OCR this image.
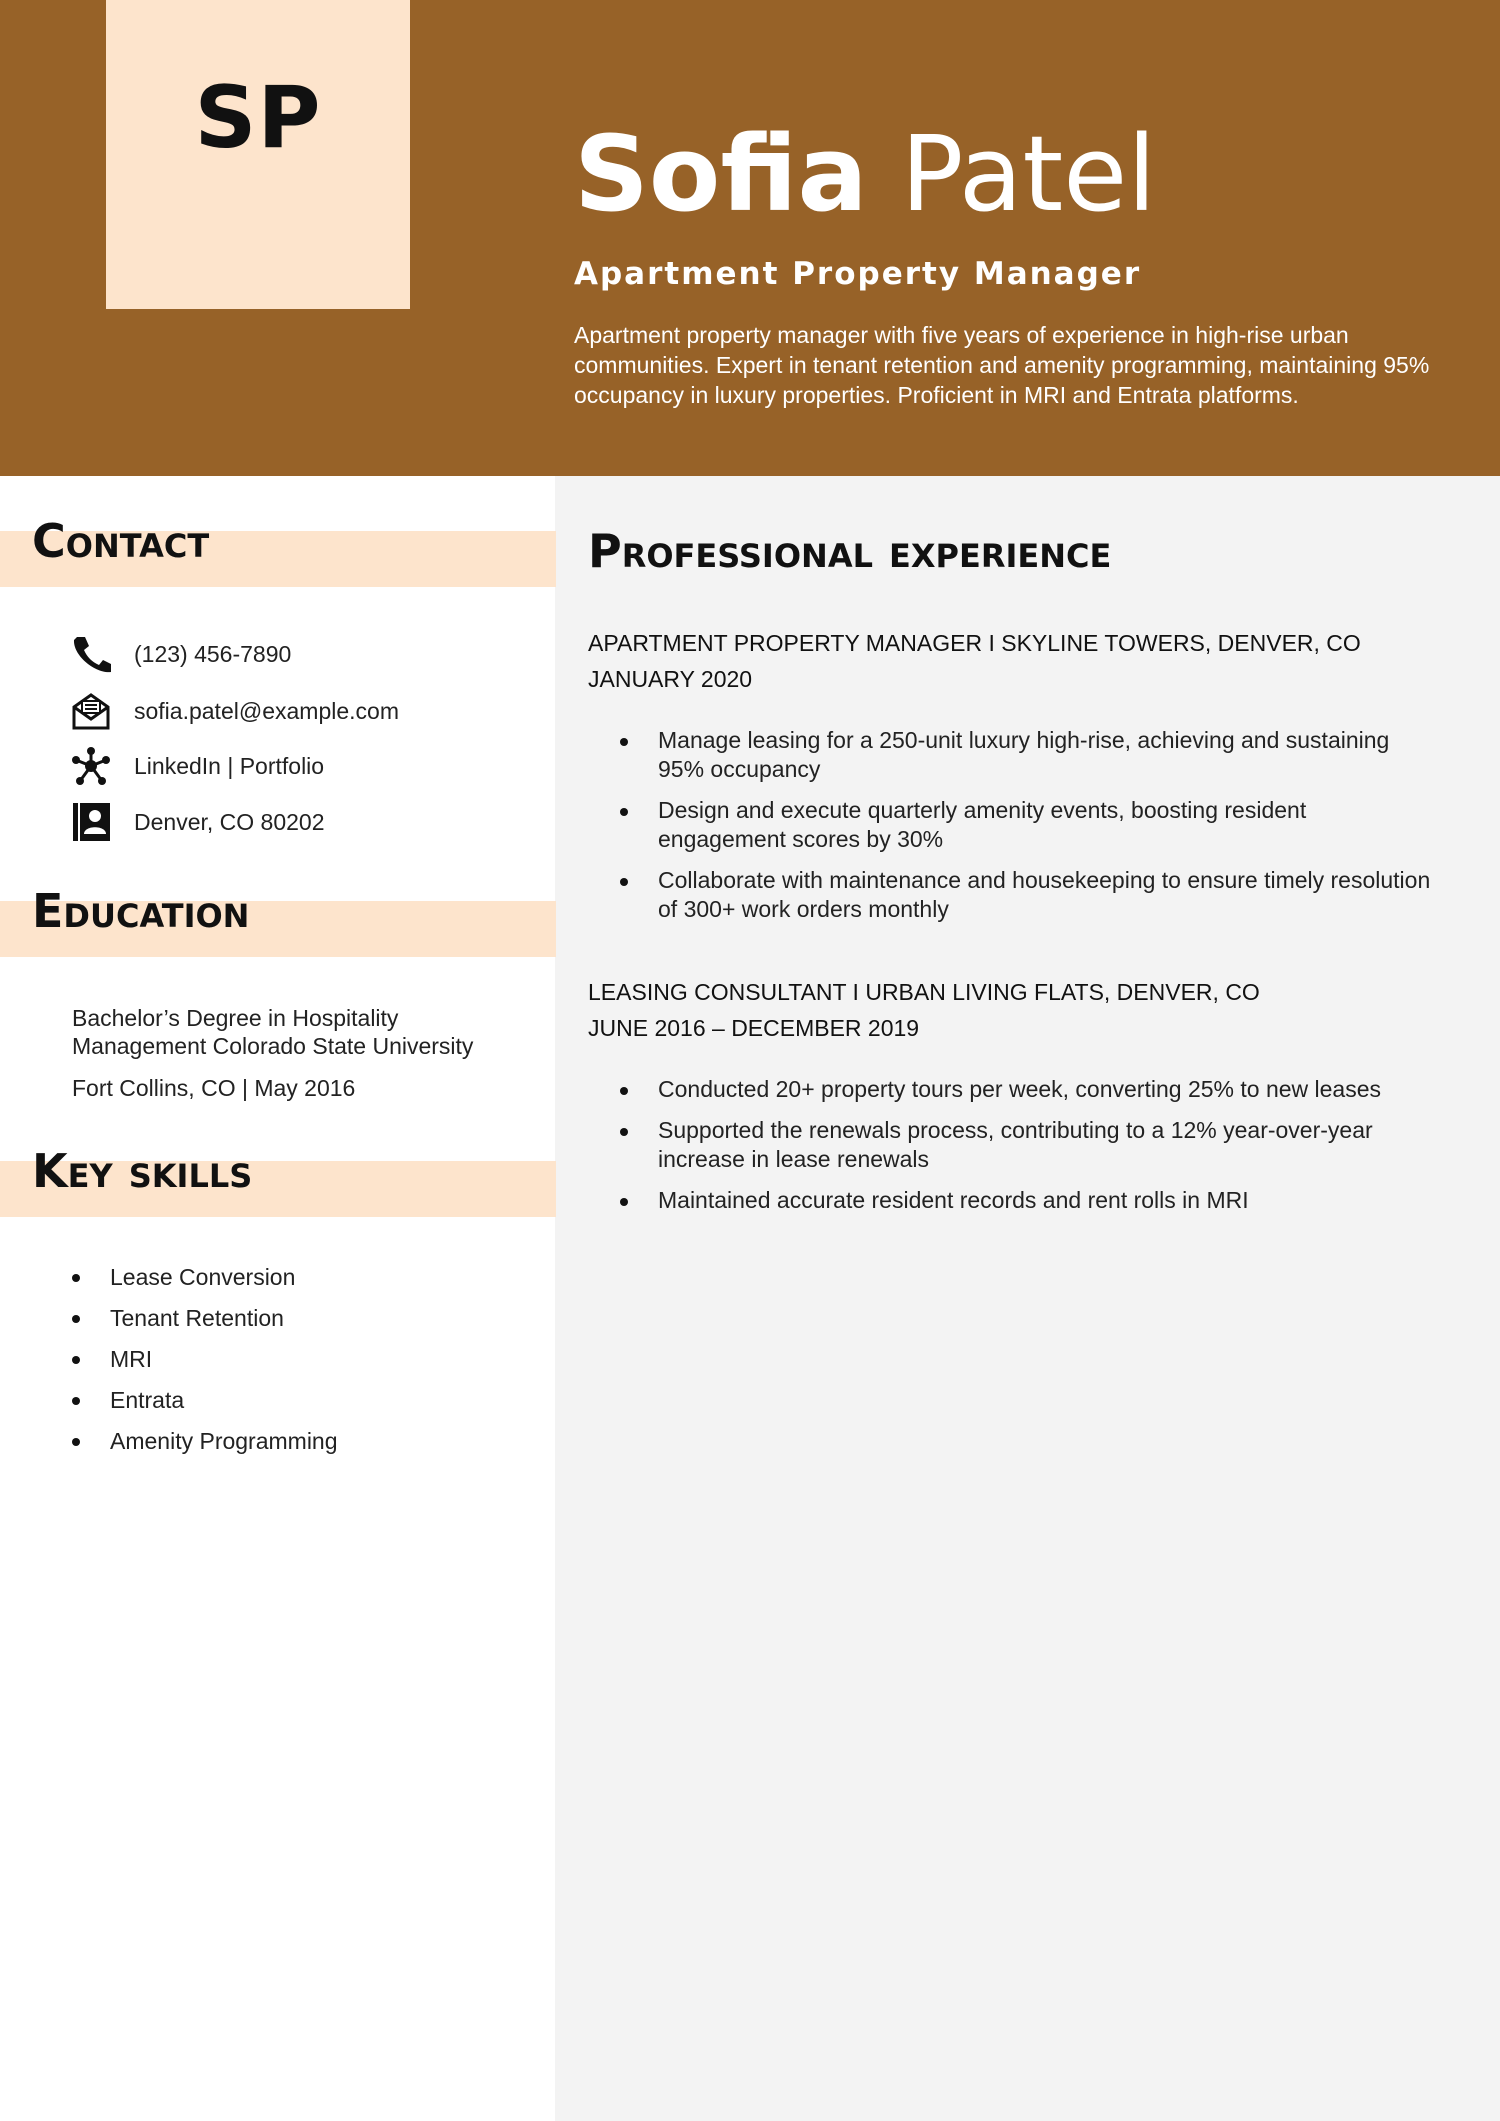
SP Sofia Patel
Apartment Property Manager
Apartment property manager with five years of experience in high-rise urban communities. Expert in tenant retention and amenity programming, maintaining 95% occupancy in luxury properties. Proficient in MRI and Entrata platforms.
Contact
(123) 456-7890
sofia.patel@example.com
LinkedIn | Portfolio
Denver, CO 80202
Education
Bachelor’s Degree in Hospitality Management Colorado State University
Fort Collins, CO | May 2016
Key skills
Lease Conversion
Tenant Retention
MRI
Entrata
Amenity Programming
Professional experience
APARTMENT PROPERTY MANAGER I SKYLINE TOWERS, DENVER, CO
JANUARY 2020
Manage leasing for a 250-unit luxury high-rise, achieving and sustaining 95% occupancy
Design and execute quarterly amenity events, boosting resident engagement scores by 30%
Collaborate with maintenance and housekeeping to ensure timely resolution of 300+ work orders monthly
LEASING CONSULTANT I URBAN LIVING FLATS, DENVER, CO
JUNE 2016 – DECEMBER 2019
Conducted 20+ property tours per week, converting 25% to new leases
Supported the renewals process, contributing to a 12% year-over-year increase in lease renewals
Maintained accurate resident records and rent rolls in MRI
